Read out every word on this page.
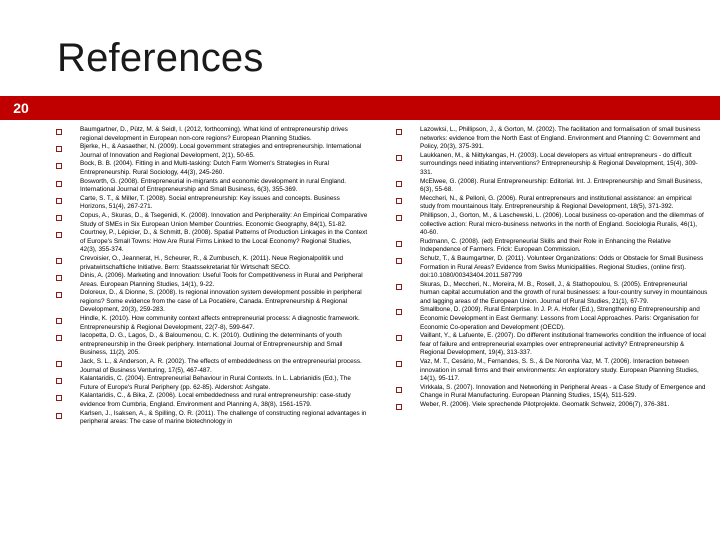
References
20
Baumgartner, D., Pütz, M. & Seidl, I. (2012, forthcoming). What kind of entrepreneurship drives regional development in European non-core regions? European Planning Studies.
Bjerke, H., & Aasaether, N. (2009). Local government strategies and entrepreneurship. International Journal of Innovation and Regional Development, 2(1), 50-65.
Bock, B. B. (2004). Fitting in and Multi-tasking: Dutch Farm Women's Strategies in Rural Entrepreneurship. Rural Sociology, 44(3), 245-260.
Bosworth, G. (2008). Entrepreneurial in-migrants and economic development in rural England. International Journal of Entrepreneurship and Small Business, 6(3), 355-369.
Carte, S. T., & Miller, T. (2008). Social entrepreneurship: Key issues and concepts. Business Horizons, 51(4), 267-271.
Copus, A., Skuras, D., & Tsegenidi, K. (2008). Innovation and Peripherality: An Empirical Comparative Study of SMEs in Six European Union Member Countries. Economic Geography, 84(1), 51-82.
Courtney, P., Lépicier, D., & Schmitt, B. (2008). Spatial Patterns of Production Linkages in the Context of Europe's Small Towns: How Are Rural Firms Linked to the Local Economy? Regional Studies, 42(3), 355-374.
Crevoisier, O., Jeannerat, H., Scheurer, R., & Zumbusch, K. (2011). Neue Regionalpolitik und privatwirtschaftliche Initiative. Bern: Staatssekretariat für Wirtschaft SECO.
Dinis, A. (2006). Marketing and Innovation: Useful Tools for Competitiveness in Rural and Peripheral Areas. European Planning Studies, 14(1), 9-22.
Doloreux, D., & Dionne, S. (2008). Is regional innovation system development possible in peripheral regions? Some evidence from the case of La Pocatière, Canada. Entrepreneurship & Regional Development, 20(3), 259-283.
Hindle, K. (2010). How community context affects entrepreneurial process: A diagnostic framework. Entrepreneurship & Regional Development, 22(7-8), 599-647.
Iacopetta, D. G., Lagos, D., & Baloumenou, C. K. (2010). Outlining the determinants of youth entrepreneurship in the Greek periphery. International Journal of Entrepreneurship and Small Business, 11(2), 205.
Jack, S. L., & Anderson, A. R. (2002). The effects of embeddedness on the entrepreneurial process. Journal of Business Venturing, 17(5), 467-487.
Kalantaridis, C. (2004). Entrepreneurial Behaviour in Rural Contexts. In L. Labrianidis (Ed.), The Future of Europe's Rural Periphery (pp. 62-85). Aldershot: Ashgate.
Kalantaridis, C., & Bika, Z. (2006). Local embeddedness and rural entrepreneurship: case-study evidence from Cumbria, England. Environment and Planning A, 38(8), 1561-1579.
Karlsen, J., Isaksen, A., & Spilling, O. R. (2011). The challenge of constructing regional advantages in peripheral areas: The case of marine biotechnology in
Lazowksi, L., Phillipson, J., & Gorton, M. (2002). The facilitation and formalisation of small business networks: evidence from the North East of England. Environment and Planning C: Government and Policy, 20(3), 375-391.
Laukkanen, M., & Niittykangas, H. (2003). Local developers as virtual entrepreneurs - do difficult surroundings need initiating interventions? Entrepreneurship & Regional Development, 15(4), 309-331.
McElwee, G. (2008). Rural Entrepreneurship: Editorial. Int. J. Entrepreneurship and Small Business, 6(3), 55-68.
Meccheri, N., & Pelloni, G. (2006). Rural entrepreneurs and institutional assistance: an empirical study from mountainous Italy. Entrepreneurship & Regional Development, 18(5), 371-392.
Phillipson, J., Gorton, M., & Laschewski, L. (2006). Local business co-operation and the dilemmas of collective action: Rural micro-business networks in the north of England. Sociologia Ruralis, 46(1), 40-60.
Rudmann, C. (2008). (ed) Entrepreneurial Skills and their Role in Enhancing the Relative Independence of Farmers. Frick: European Commission.
Schulz, T., & Baumgartner, D. (2011). Volunteer Organizations: Odds or Obstacle for Small Business Formation in Rural Areas? Evidence from Swiss Municipalities. Regional Studies, (online first). doi:10.1080/00343404.2011.587799
Skuras, D., Meccheri, N., Moreira, M. B., Rosell, J., & Stathopoulou, S. (2005). Entrepreneurial human capital accumulation and the growth of rural businesses: a four-country survey in mountainous and lagging areas of the European Union. Journal of Rural Studies, 21(1), 67-79.
Smallbone, D. (2009). Rural Enterprise. In J. P. A. Hofer (Ed.), Strengthening Entrepreneurship and Economic Development in East Germany: Lessons from Local Approaches. Paris: Organisation for Economic Co-operation and Development (OECD).
Vaillant, Y., & Lafuente, E. (2007). Do different institutional frameworks condition the influence of local fear of failure and entrepreneurial examples over entrepreneurial activity? Entrepreneurship & Regional Development, 19(4), 313-337.
Vaz, M. T., Cesário, M., Fernandes, S. S., & De Noronha Vaz, M. T. (2006). Interaction between innovation in small firms and their environments: An exploratory study. European Planning Studies, 14(1), 95-117.
Virkkala, S. (2007). Innovation and Networking in Peripheral Areas - a Case Study of Emergence and Change in Rural Manufacturing. European Planning Studies, 15(4), 511-529.
Weber, R. (2006). Viele sprechende Pilotprojekte. Geomatik Schweiz, 2006(7), 376-381.
